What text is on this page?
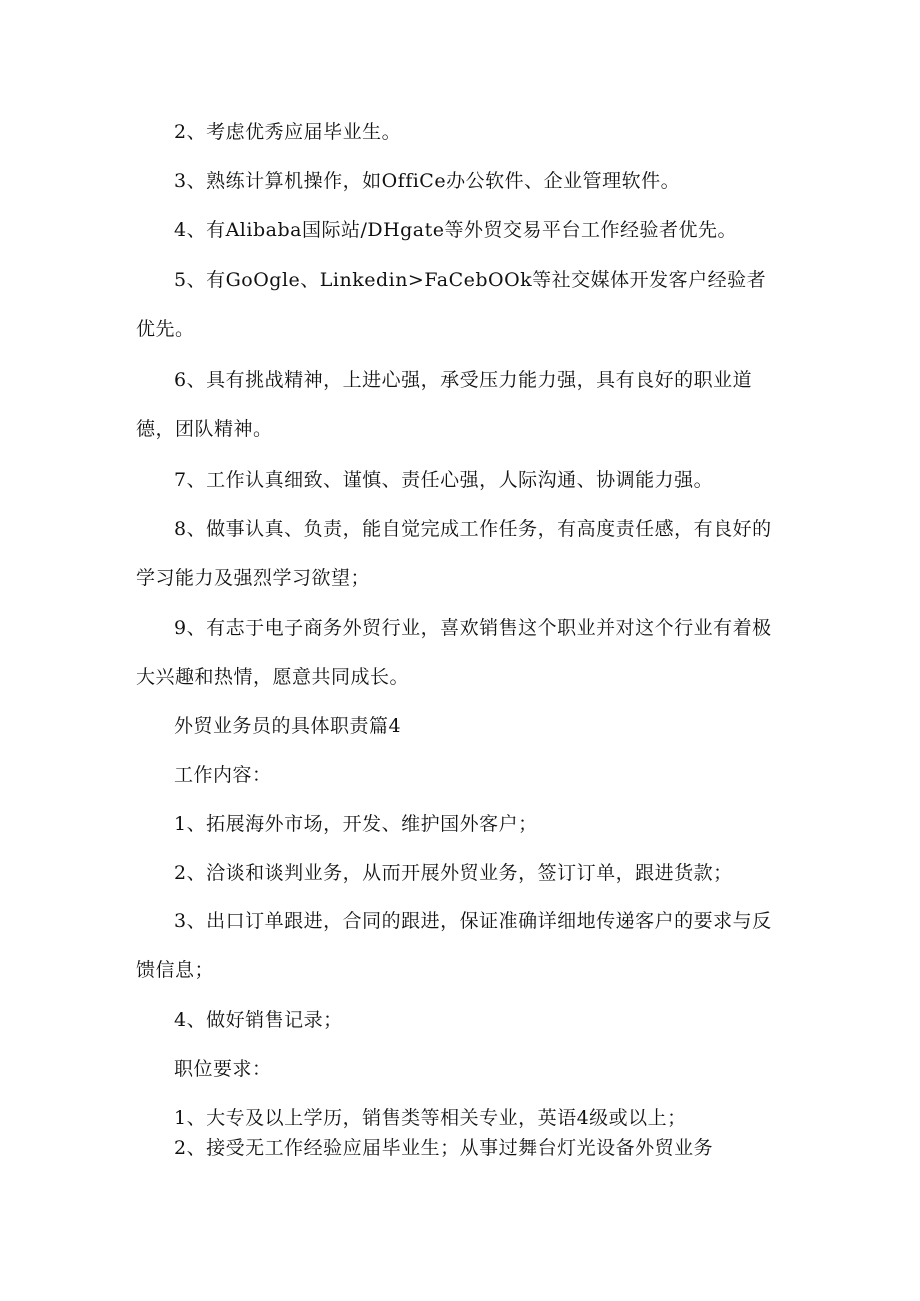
2、考虑优秀应届毕业生。

3、熟练计算机操作，如OffiCe办公软件、企业管理软件。

4、有Alibaba国际站/DHgate等外贸交易平台工作经验者优先。

5、有GoOgle、Linkedin>FaCebOOk等社交媒体开发客户经验者优先。

6、具有挑战精神，上进心强，承受压力能力强，具有良好的职业道德，团队精神。

7、工作认真细致、谨慎、责任心强，人际沟通、协调能力强。

8、做事认真、负责，能自觉完成工作任务，有高度责任感，有良好的学习能力及强烈学习欲望；

9、有志于电子商务外贸行业，喜欢销售这个职业并对这个行业有着极大兴趣和热情，愿意共同成长。

外贸业务员的具体职责篇4

工作内容：

1、拓展海外市场，开发、维护国外客户；

2、洽谈和谈判业务，从而开展外贸业务，签订订单，跟进货款；

3、出口订单跟进，合同的跟进，保证准确详细地传递客户的要求与反馈信息；

4、做好销售记录；

职位要求：

1、大专及以上学历，销售类等相关专业，英语4级或以上；

2、接受无工作经验应届毕业生；从事过舞台灯光设备外贸业务
